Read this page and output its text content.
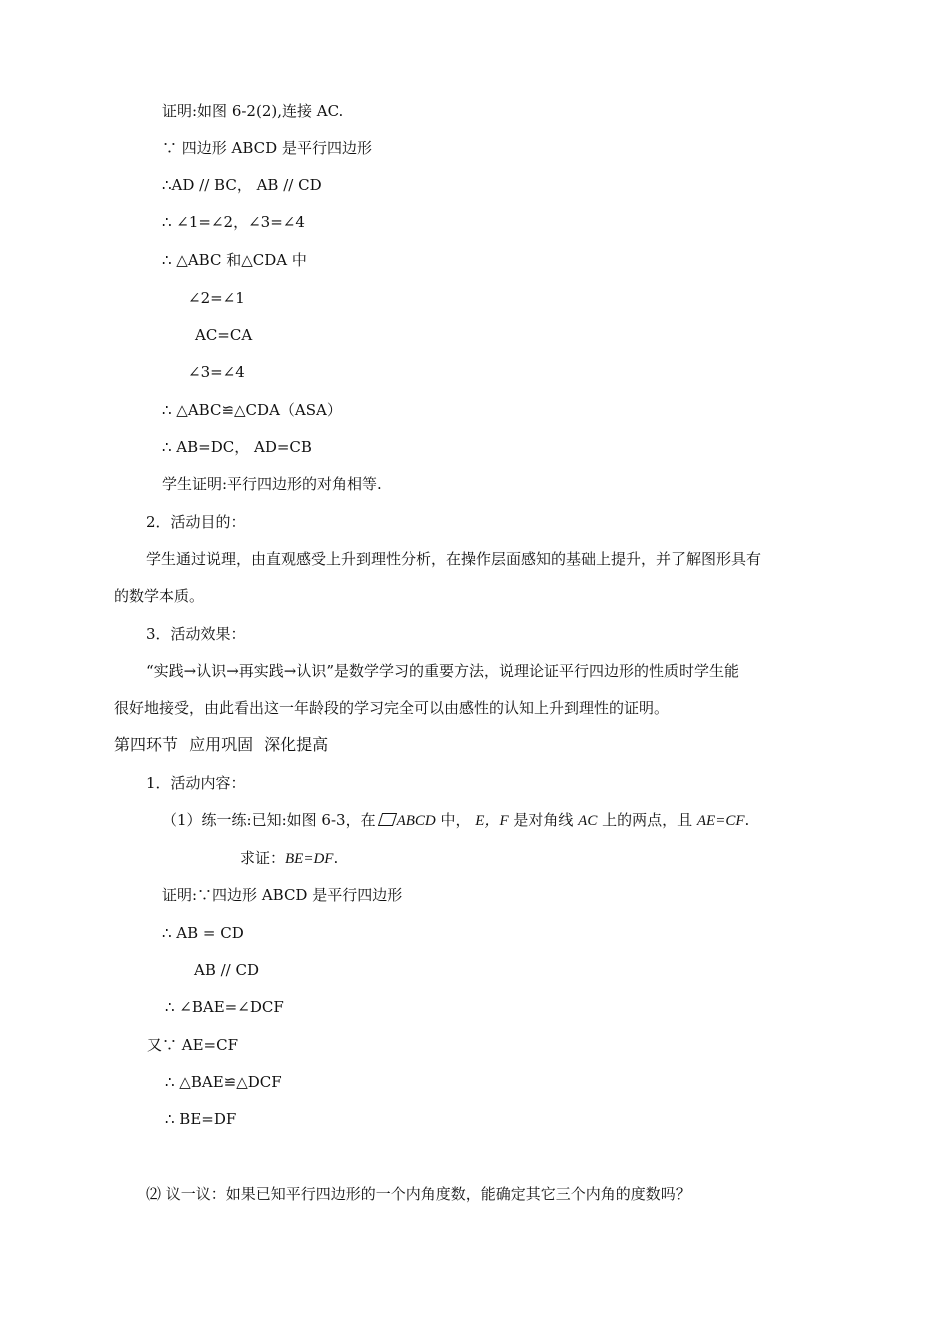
证明:如图 6-2(2),连接 AC.
∵ 四边形 ABCD 是平行四边形
∴AD // BC， AB // CD
∴ ∠1=∠2，∠3=∠4
∴ △ABC 和△CDA 中
∠2=∠1
AC=CA
∠3=∠4
∴ △ABC≌△CDA（ASA）
∴ AB=DC， AD=CB
学生证明:平行四边形的对角相等.
2．活动目的：
学生通过说理，由直观感受上升到理性分析，在操作层面感知的基础上提升，并了解图形具有
的数学本质。
3．活动效果：
“实践→认识→再实践→认识”是数学学习的重要方法，说理论证平行四边形的性质时学生能
很好地接受，由此看出这一年龄段的学习完全可以由感性的认知上升到理性的证明。
第四环节 应用巩固 深化提高
1．活动内容：
（1）练一练:已知:如图 6-3，在 ABCD 中， E，F 是对角线 AC 上的两点，且 AE=CF.
求证：BE=DF.
证明:∵四边形 ABCD 是平行四边形
∴ AB = CD
AB // CD
∴ ∠BAE=∠DCF
又∵ AE=CF
∴ △BAE≌△DCF
∴ BE=DF
⑵ 议一议：如果已知平行四边形的一个内角度数，能确定其它三个内角的度数吗？
